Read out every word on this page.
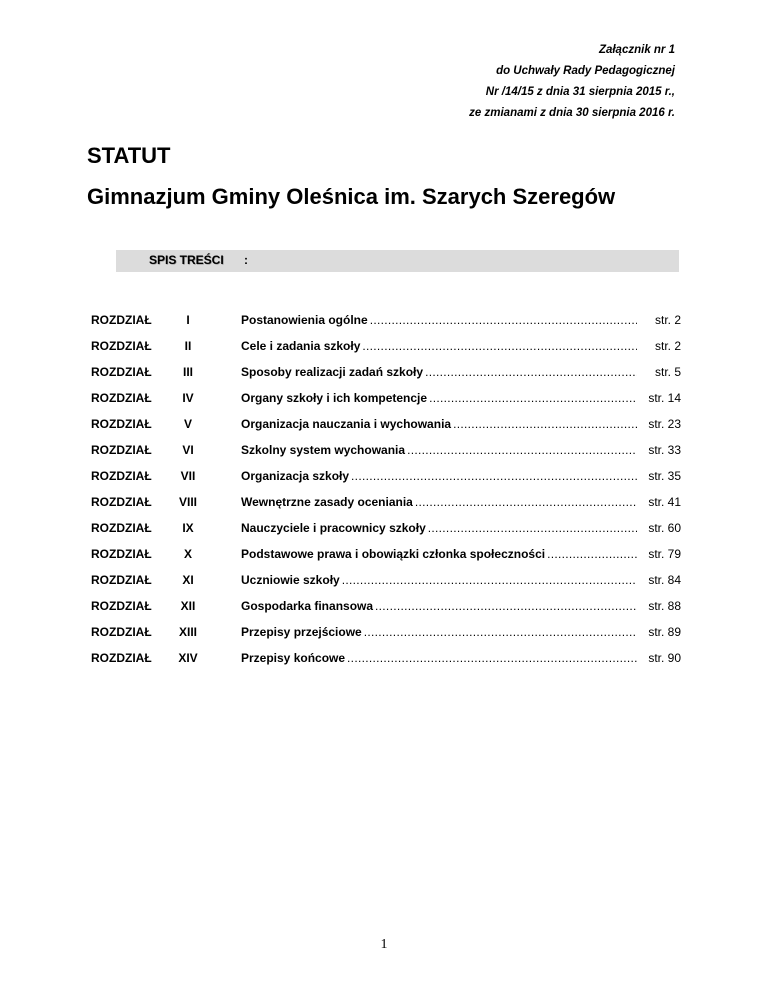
Załącznik nr 1
do Uchwały Rady Pedagogicznej
Nr /14/15 z dnia 31 sierpnia 2015 r.,
ze zmianami z dnia 30 sierpnia 2016 r.
STATUT
Gimnazjum Gminy Oleśnica im. Szarych Szeregów
SPIS TREŚCI :
ROZDZIAŁ	I	Postanowienia ogólne .....	str. 2
ROZDZIAŁ	II	Cele i zadania szkoły .....	str. 2
ROZDZIAŁ	III	Sposoby realizacji zadań szkoły .....	str. 5
ROZDZIAŁ	IV	Organy szkoły i ich kompetencje .....	str. 14
ROZDZIAŁ	V	Organizacja nauczania i wychowania .....	str. 23
ROZDZIAŁ	VI	Szkolny system wychowania .....	str. 33
ROZDZIAŁ	VII	Organizacja szkoły .....	str. 35
ROZDZIAŁ	VIII	Wewnętrzne zasady oceniania .....	str. 41
ROZDZIAŁ	IX	Nauczyciele i pracownicy szkoły .....	str. 60
ROZDZIAŁ	X	Podstawowe prawa i obowiązki członka społeczności .....	str. 79
ROZDZIAŁ	XI	Uczniowie szkoły .....	str. 84
ROZDZIAŁ	XII	Gospodarka finansowa .....	str. 88
ROZDZIAŁ	XIII	Przepisy przejściowe .....	str. 89
ROZDZIAŁ	XIV	Przepisy końcowe .....	str. 90
1
